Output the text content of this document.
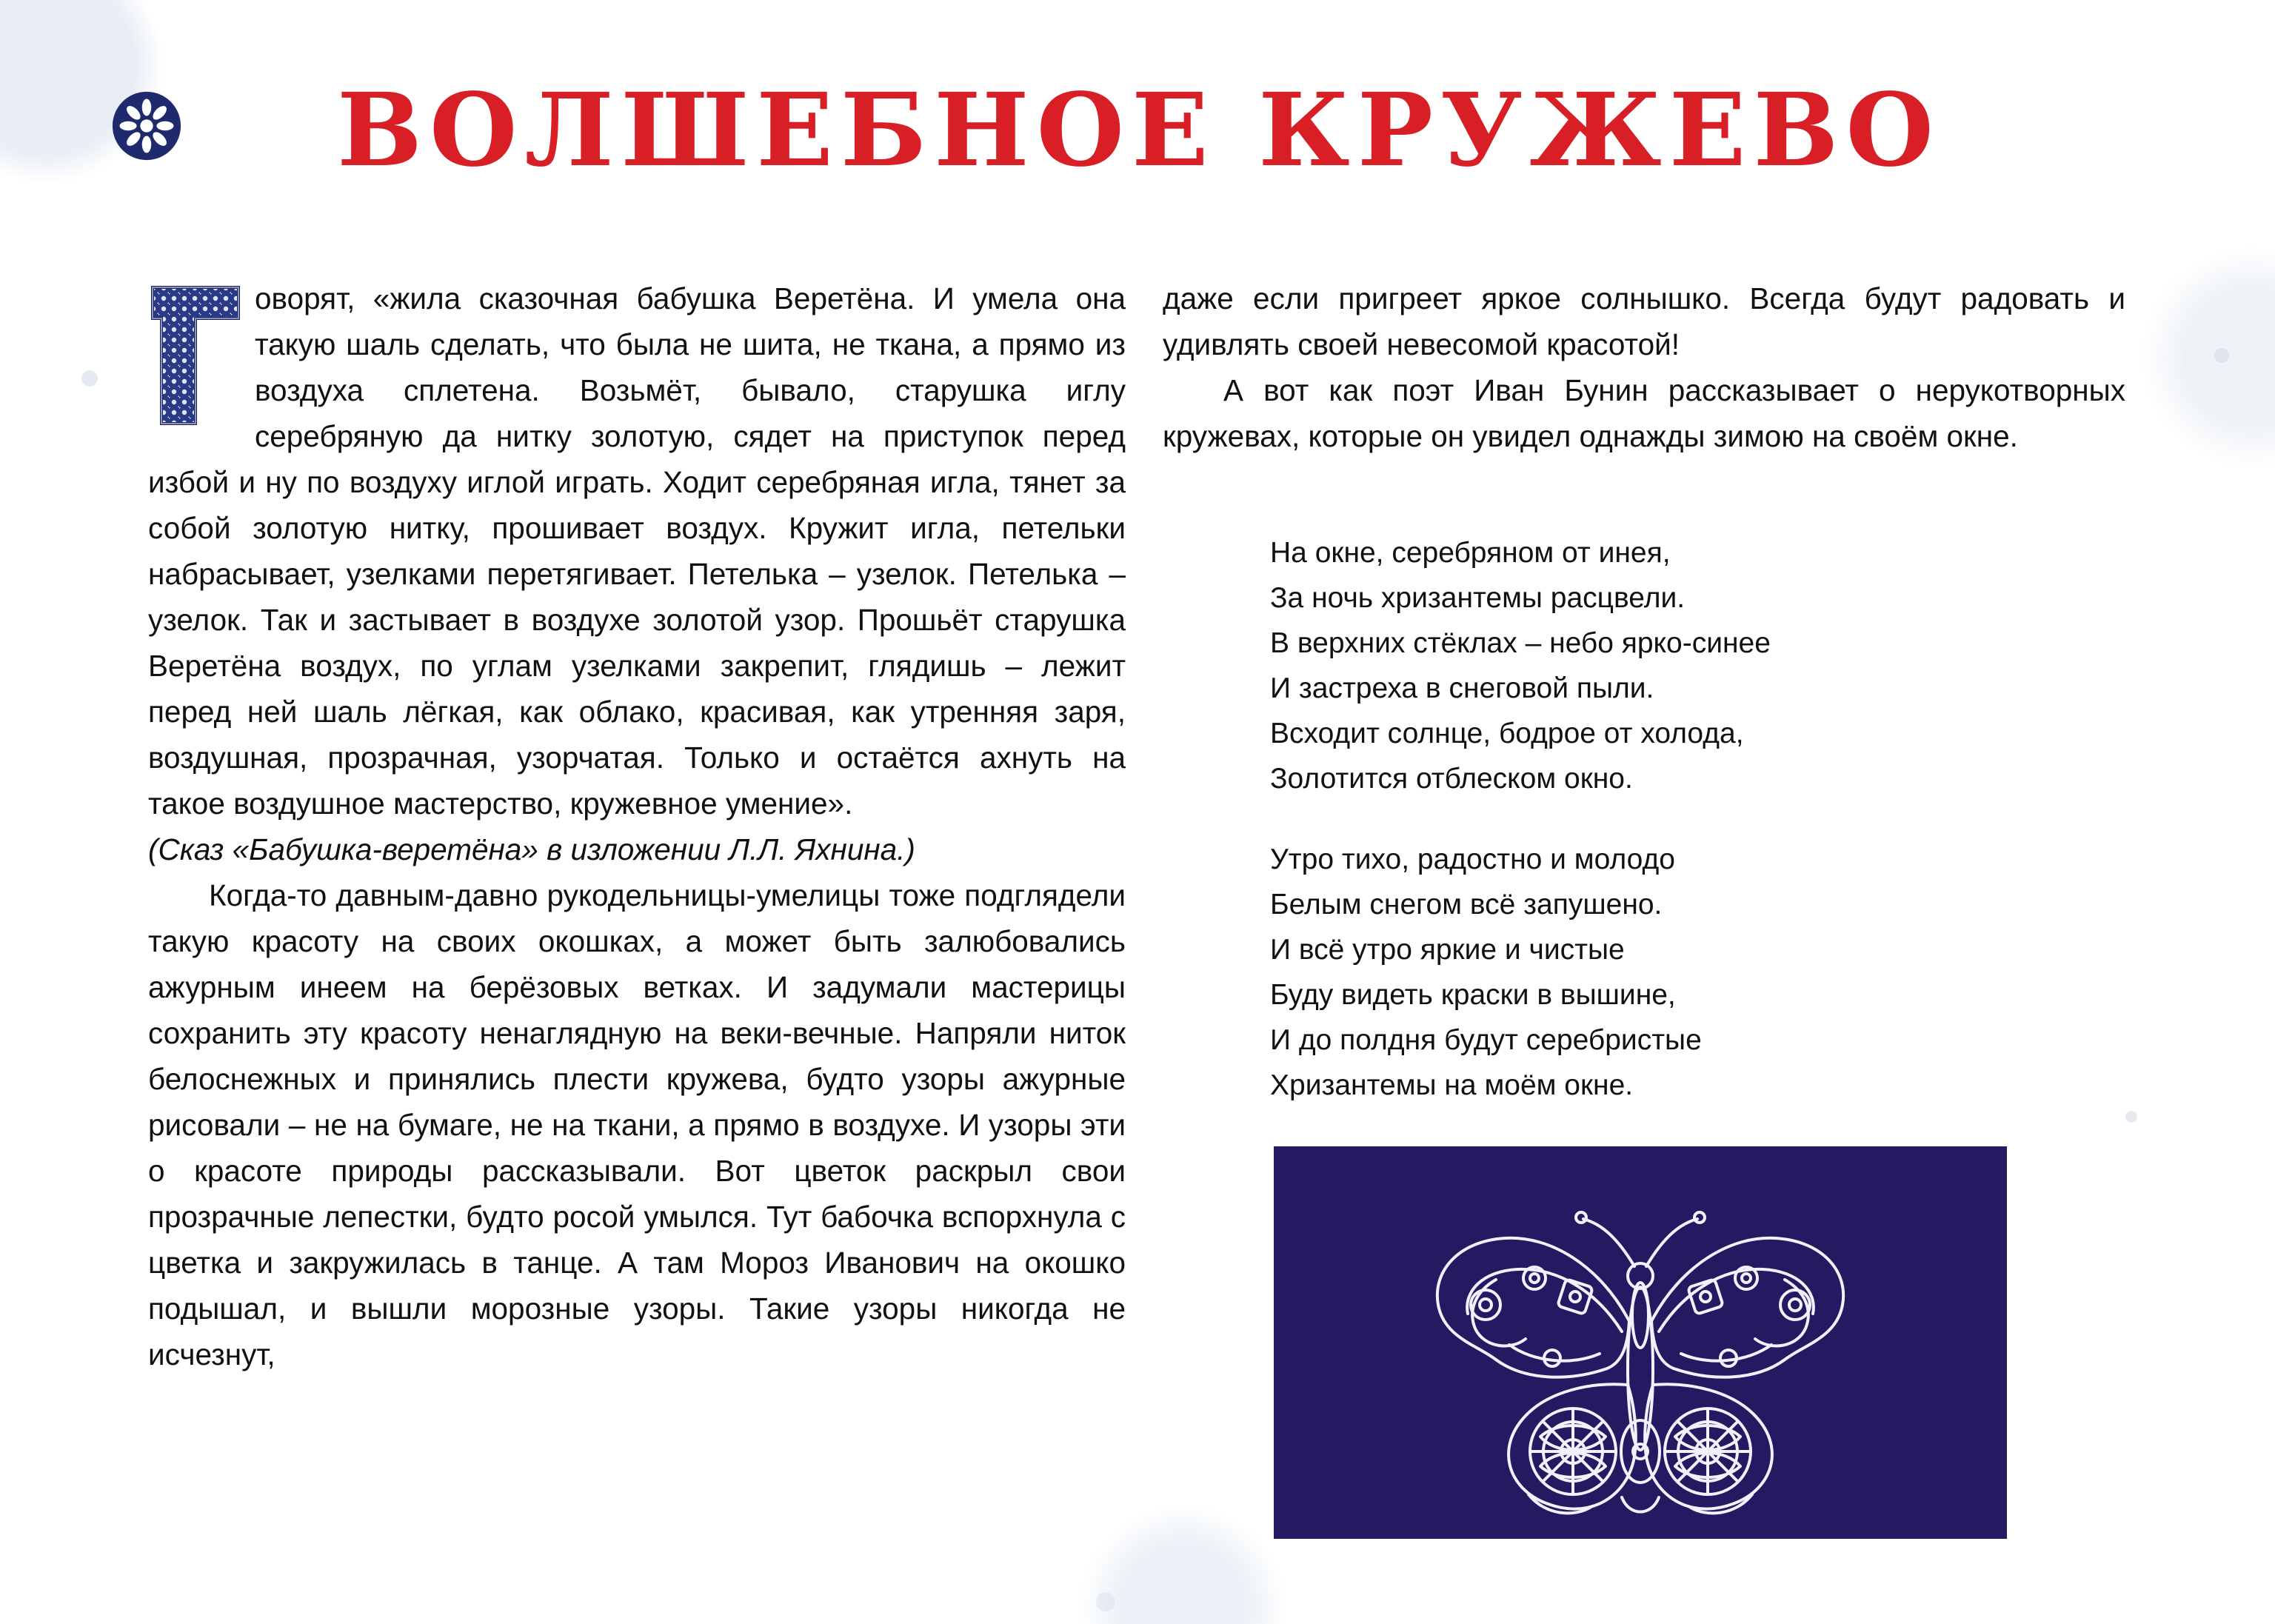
ВОЛШЕБНОЕ КРУЖЕВО

оворят, «жила сказочная бабушка Веретёна. И умела она такую шаль сделать, что была не шита, не ткана, а прямо из воздуха сплетена. Возьмёт, бывало, старушка иглу серебряную да нитку золотую, сядет на приступок перед избой и ну по воздуху иглой играть. Ходит серебряная игла, тянет за собой золотую нитку, прошивает воздух. Кружит игла, петельки набрасывает, узелками перетягивает. Петелька – узелок. Петелька – узелок. Так и застывает в воздухе золотой узор. Прошьёт старушка Веретёна воздух, по углам узелками закрепит, глядишь – лежит перед ней шаль лёгкая, как облако, красивая, как утренняя заря, воздушная, прозрачная, узорчатая. Только и остаётся ахнуть на такое воздушное мастерство, кружевное умение».

(Сказ «Бабушка-веретёна» в изложении Л.Л. Яхнина.)

Когда-то давным-давно рукодельницы-умелицы тоже подглядели такую красоту на своих окошках, а может быть залюбовались ажурным инеем на берёзовых ветках. И задумали мастерицы сохранить эту красоту ненаглядную на веки-вечные. Напряли ниток белоснежных и принялись плести кружева, будто узоры ажурные рисовали – не на бумаге, не на ткани, а прямо в воздухе. И узоры эти о красоте природы рассказывали. Вот цветок раскрыл свои прозрачные лепестки, будто росой умылся. Тут бабочка вспорхнула с цветка и закружилась в танце. А там Мороз Иванович на окошко подышал, и вышли морозные узоры. Такие узоры никогда не исчезнут,

даже если пригреет яркое солнышко. Всегда будут радовать и удивлять своей невесомой красотой!

А вот как поэт Иван Бунин рассказывает о нерукотворных кружевах, которые он увидел однажды зимою на своём окне.

На окне, серебряном от инея,
За ночь хризантемы расцвели.
В верхних стёклах – небо ярко-синее
И застреха в снеговой пыли.
Всходит солнце, бодрое от холода,
Золотится отблеском окно.
Утро тихо, радостно и молодо
Белым снегом всё запушено.
И всё утро яркие и чистые
Буду видеть краски в вышине,
И до полдня будут серебристые
Хризантемы на моём окне.
